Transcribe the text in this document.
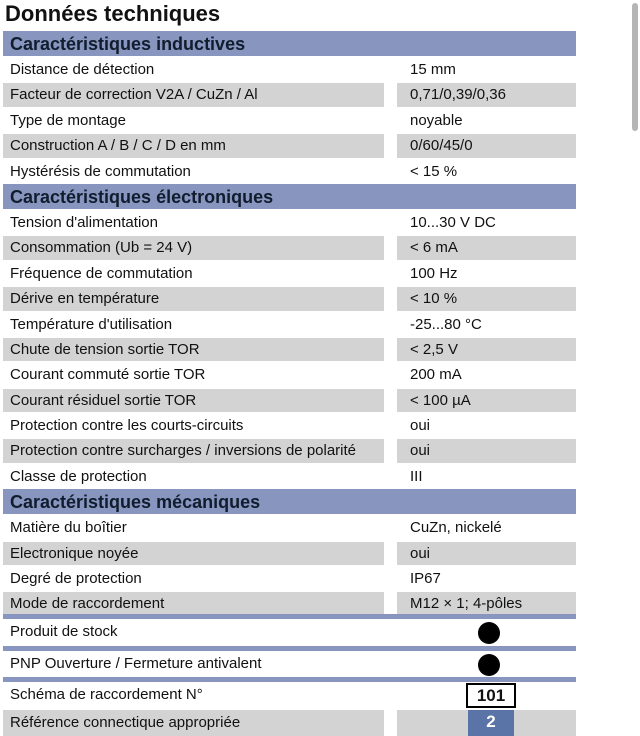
Données techniques
Caractéristiques inductives
Distance de détection	15 mm
Facteur de correction V2A / CuZn / Al	0,71/0,39/0,36
Type de montage	noyable
Construction A / B / C / D en mm	0/60/45/0
Hystérésis de commutation	< 15 %
Caractéristiques électroniques
Tension d'alimentation	10...30 V DC
Consommation (Ub = 24 V)	< 6 mA
Fréquence de commutation	100 Hz
Dérive en température	< 10 %
Température d'utilisation	-25...80 °C
Chute de tension sortie TOR	< 2,5 V
Courant commuté sortie TOR	200 mA
Courant résiduel sortie TOR	< 100 µA
Protection contre les courts-circuits	oui
Protection contre surcharges / inversions de polarité	oui
Classe de protection	III
Caractéristiques mécaniques
Matière du boîtier	CuZn, nickelé
Electronique noyée	oui
Degré de protection	IP67
Mode de raccordement	M12 × 1; 4-pôles
Produit de stock
PNP Ouverture / Fermeture antivalent
Schéma de raccordement N°	101
Référence connectique appropriée	2
